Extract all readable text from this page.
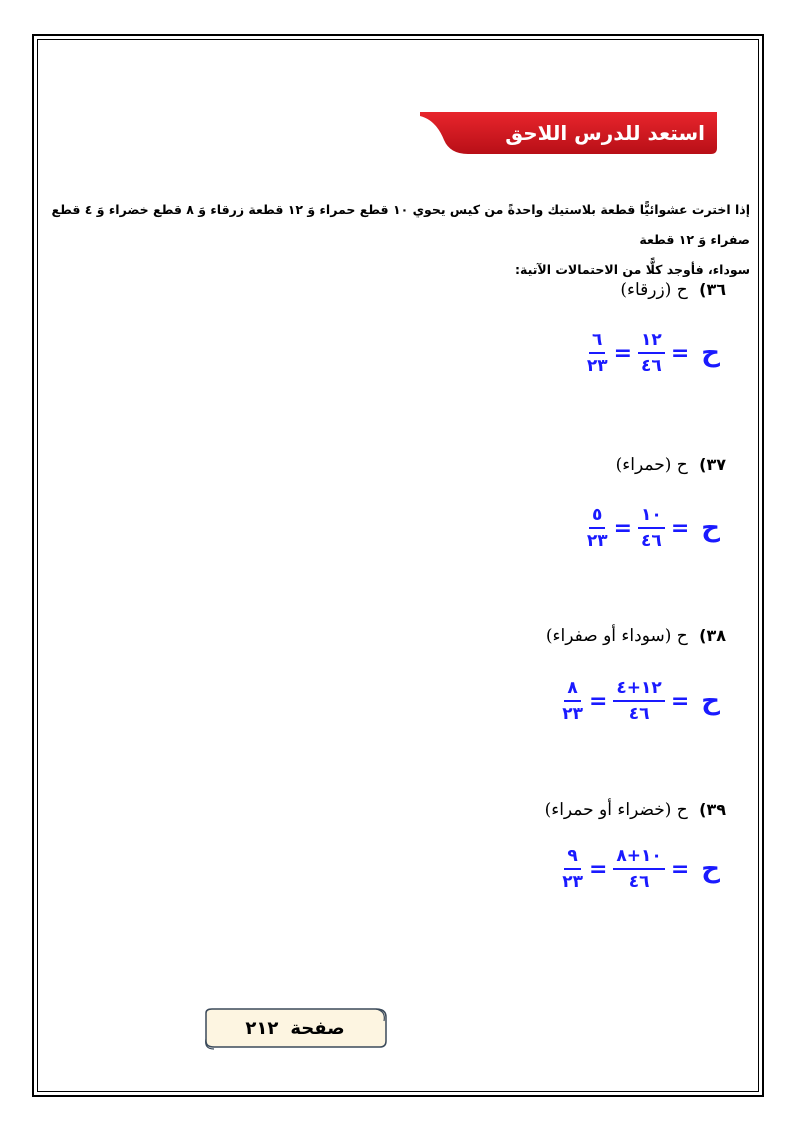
استعد للدرس اللاحق
إذا اخترت عشوائيًّا قطعة بلاستيك واحدةً من كيس يحوي ١٠ قطع حمراء وَ ١٢ قطعة زرقاء وَ ٨ قطع خضراء وَ ٤ قطع صفراء وَ ١٢ قطعة
سوداء، فأوجد كلًّا من الاحتمالات الآتية:
٣٦) ح (زرقاء)
ح
=
$\frac{١٢}{٤٦}$
=
$\frac{٦}{٢٣}$
٣٧) ح (حمراء)
ح
=
$\frac{١٠}{٤٦}$
=
$\frac{٥}{٢٣}$
٣٨) ح (سوداء أو صفراء)
ح
=
$\frac{١٢+٤}{٤٦}$
=
$\frac{٨}{٢٣}$
٣٩) ح (خضراء أو حمراء)
ح
=
$\frac{١٠+٨}{٤٦}$
=
$\frac{٩}{٢٣}$
صفحة٢١٢
